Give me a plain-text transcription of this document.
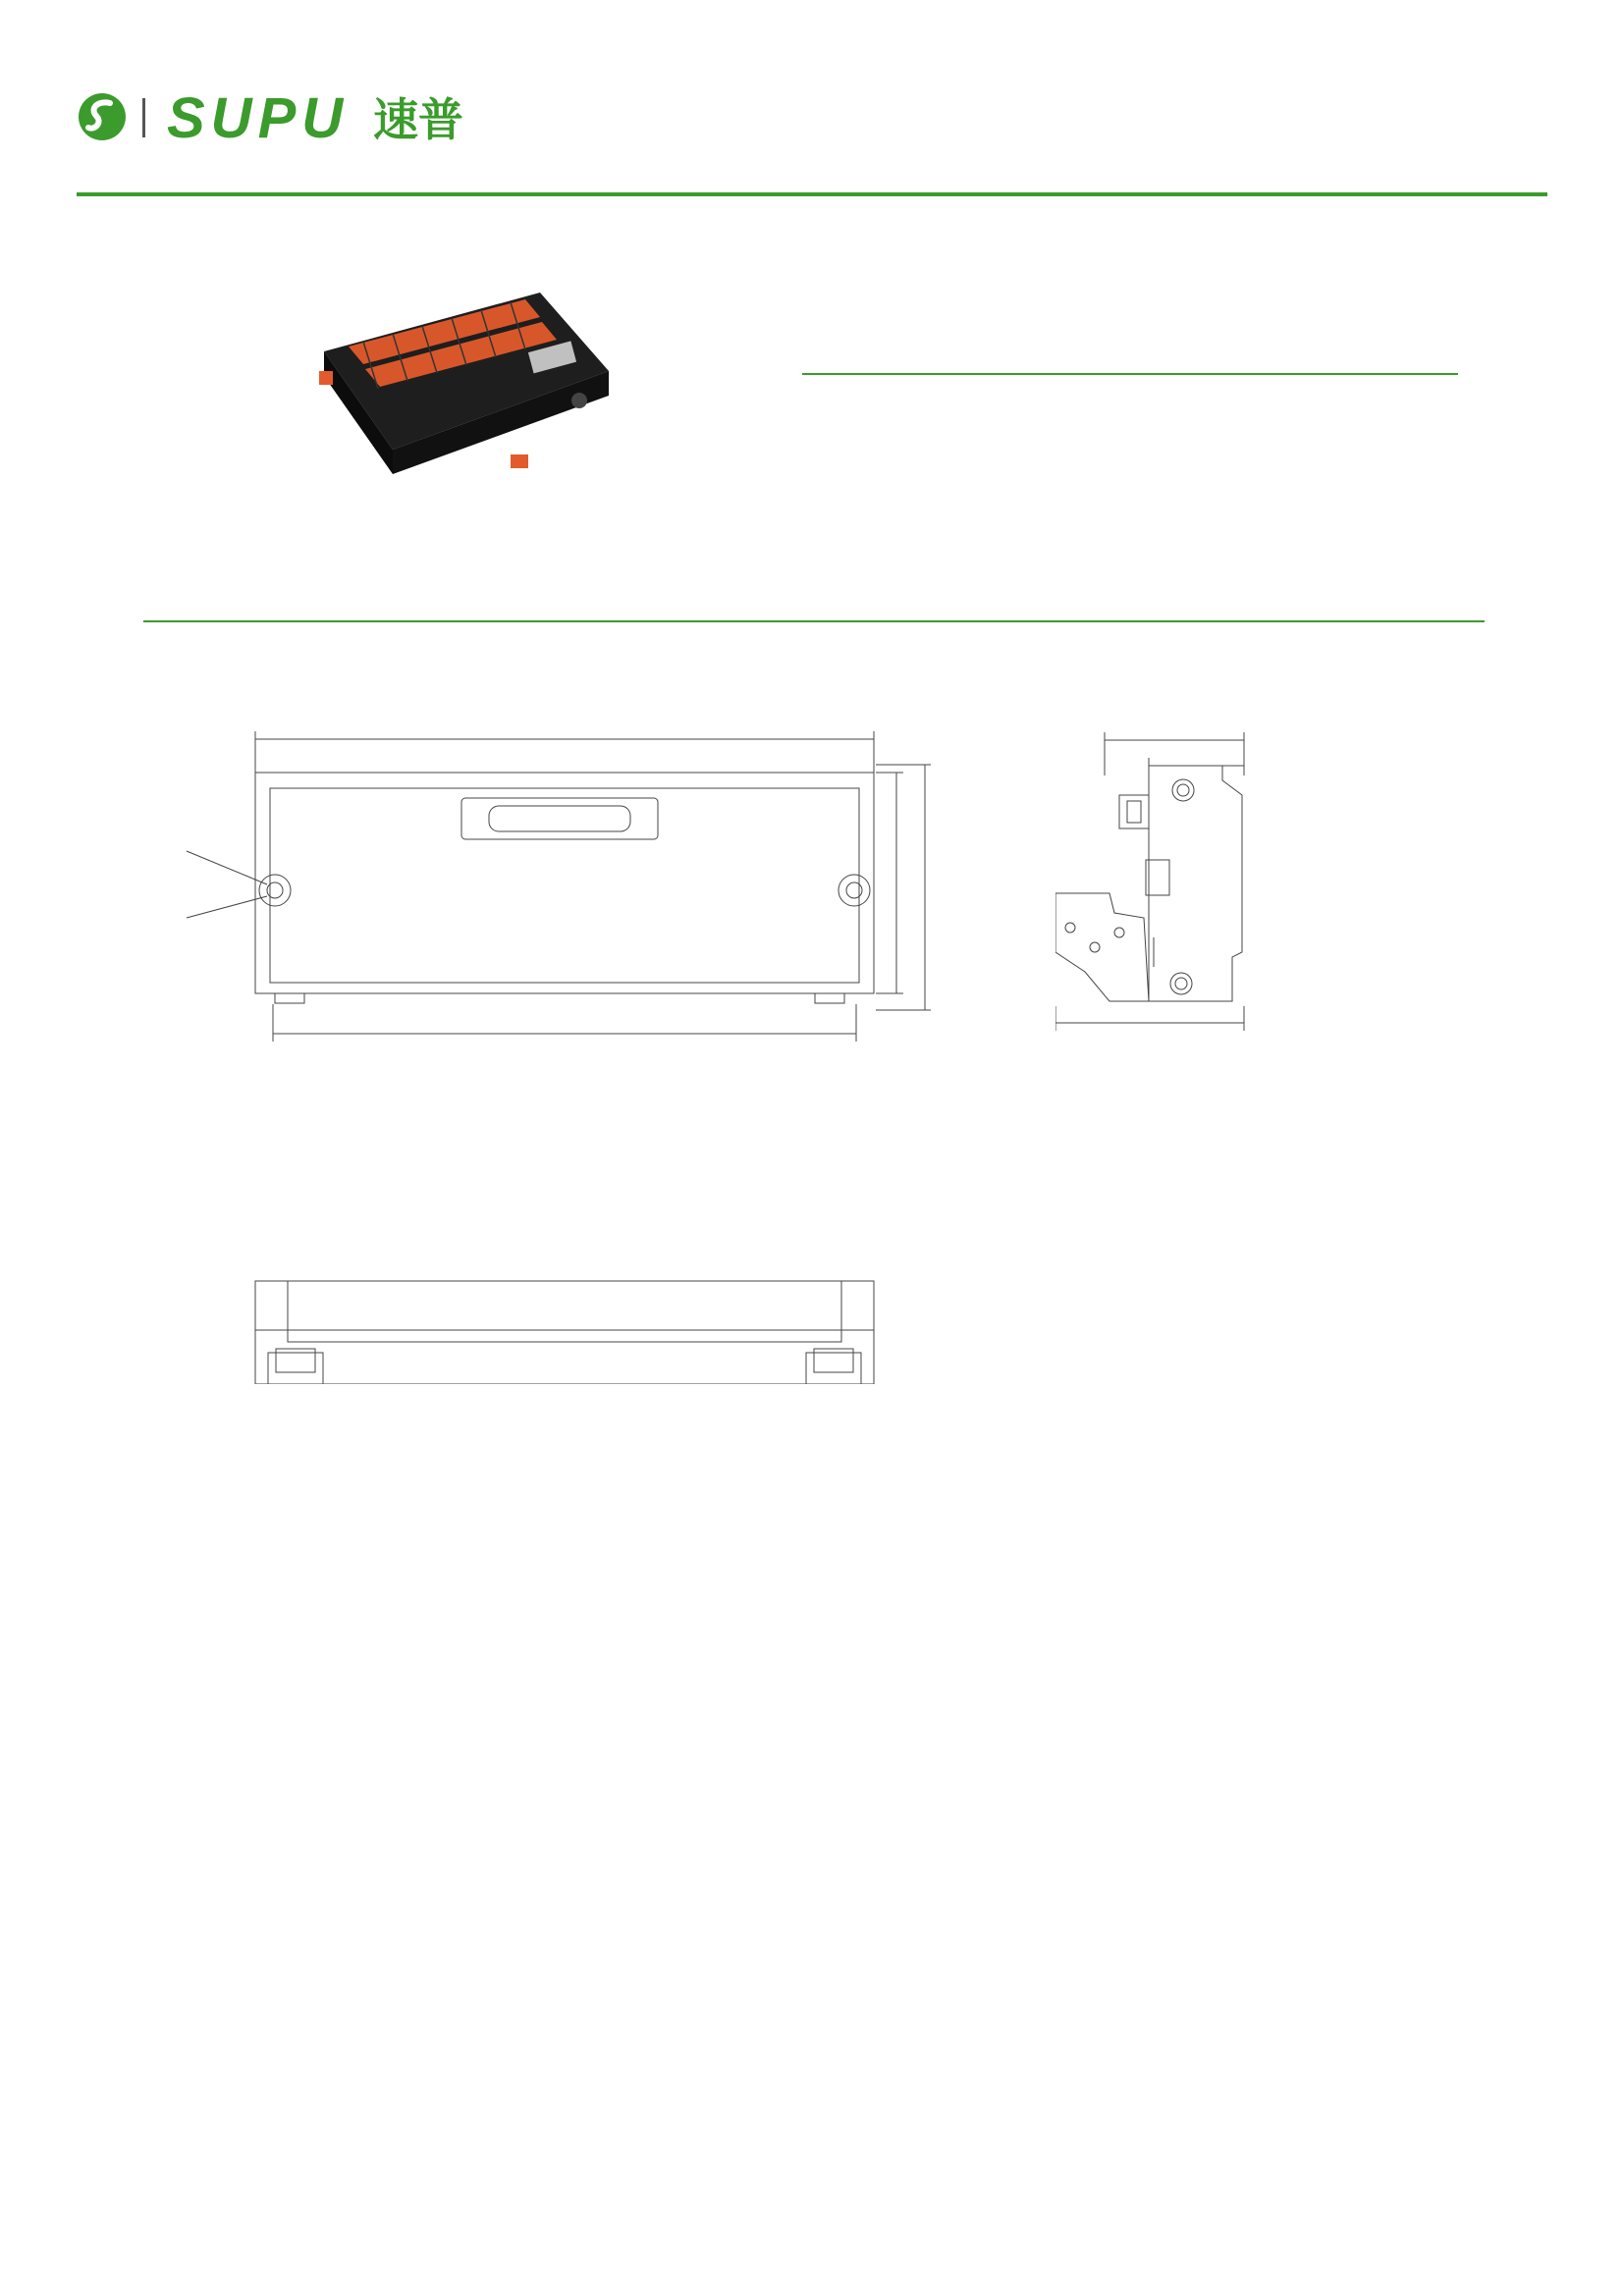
SUPU 速普
